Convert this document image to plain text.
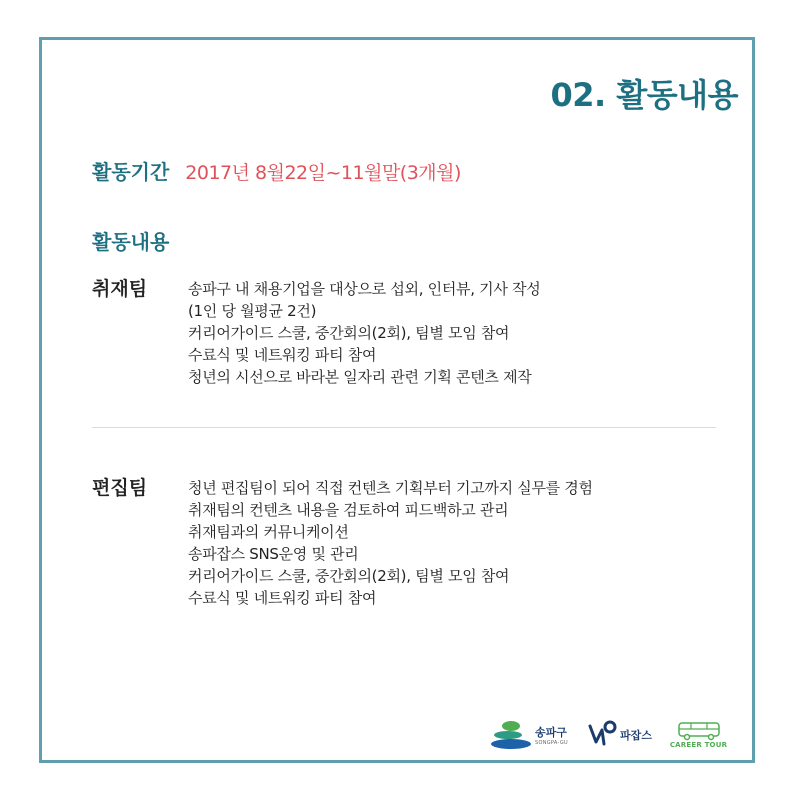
02. 활동내용
활동기간 2017년 8월22일~11월말(3개월)
활동내용
취재팀	송파구 내 채용기업을 대상으로 섭외, 인터뷰, 기사 작성
(1인 당 월평균 2건)
커리어가이드 스쿨, 중간회의(2회), 팀별 모임 참여
수료식 및 네트워킹 파티 참여
청년의 시선으로 바라본 일자리 관련 기획 콘텐츠 제작
편집팀	청년 편집팀이 되어 직접 컨텐츠 기획부터 기고까지 실무를 경험
취재팀의 컨텐츠 내용을 검토하여 피드백하고 관리
취재팀과의 커뮤니케이션
송파잡스 SNS운영 및 관리
커리어가이드 스쿨, 중간회의(2회), 팀별 모임 참여
수료식 및 네트워킹 파티 참여
송파구
SONGPA-GU
파잡스
CAREER TOUR
